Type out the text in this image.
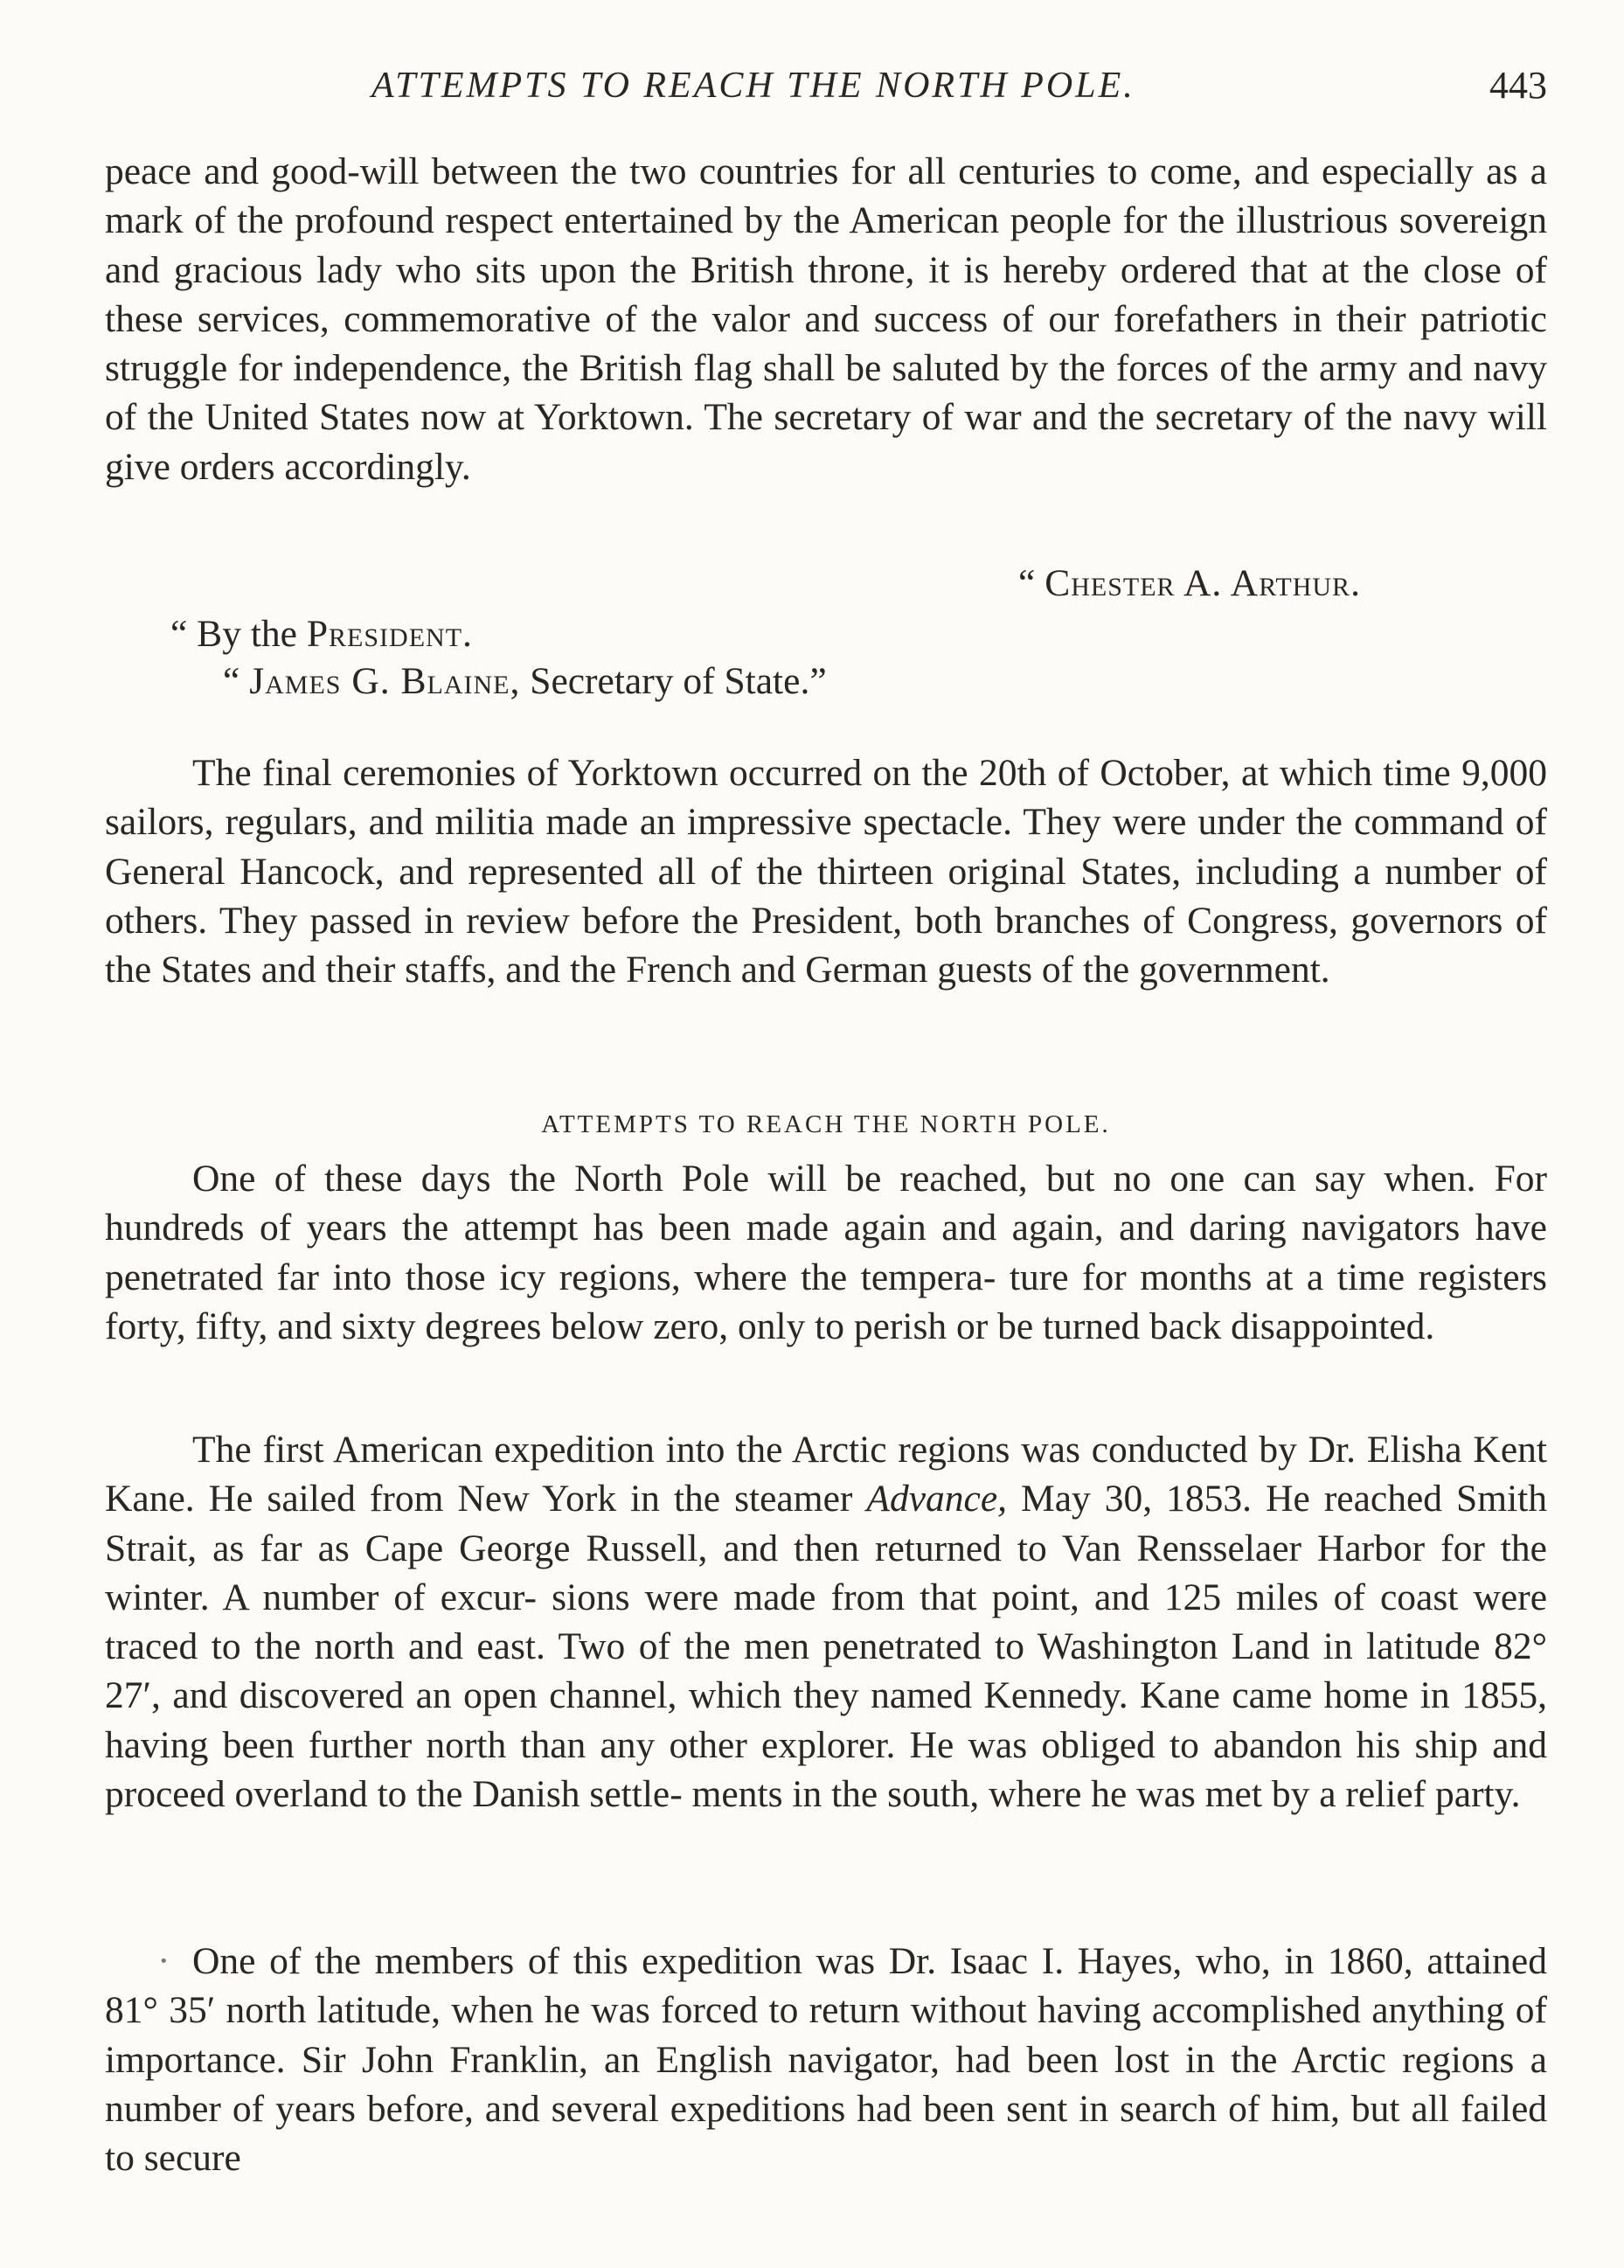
ATTEMPTS TO REACH THE NORTH POLE.	443

peace and good-will between the two countries for all centuries to come, and especially as a mark of the profound respect entertained by the American people for the illustrious sovereign and gracious lady who sits upon the British throne, it is hereby ordered that at the close of these services, commemorative of the valor and success of our forefathers in their patriotic struggle for independence, the British flag shall be saluted by the forces of the army and navy of the United States now at Yorktown. The secretary of war and the secretary of the navy will give orders accordingly.

“ Chester A. Arthur.
“ By the President.
“ James G. Blaine, Secretary of State.”

The final ceremonies of Yorktown occurred on the 20th of October, at which time 9,000 sailors, regulars, and militia made an impressive spectacle. They were under the command of General Hancock, and represented all of the thirteen original States, including a number of others. They passed in review before the President, both branches of Congress, governors of the States and their staffs, and the French and German guests of the government.

ATTEMPTS TO REACH THE NORTH POLE.

One of these days the North Pole will be reached, but no one can say when. For hundreds of years the attempt has been made again and again, and daring navigators have penetrated far into those icy regions, where the tempera- ture for months at a time registers forty, fifty, and sixty degrees below zero, only to perish or be turned back disappointed.

The first American expedition into the Arctic regions was conducted by Dr. Elisha Kent Kane. He sailed from New York in the steamer Advance, May 30, 1853. He reached Smith Strait, as far as Cape George Russell, and then returned to Van Rensselaer Harbor for the winter. A number of excur- sions were made from that point, and 125 miles of coast were traced to the north and east. Two of the men penetrated to Washington Land in latitude 82° 27′, and discovered an open channel, which they named Kennedy. Kane came home in 1855, having been further north than any other explorer. He was obliged to abandon his ship and proceed overland to the Danish settle- ments in the south, where he was met by a relief party.

· One of the members of this expedition was Dr. Isaac I. Hayes, who, in 1860, attained 81° 35′ north latitude, when he was forced to return without having accomplished anything of importance. Sir John Franklin, an English navigator, had been lost in the Arctic regions a number of years before, and several expeditions had been sent in search of him, but all failed to secure
